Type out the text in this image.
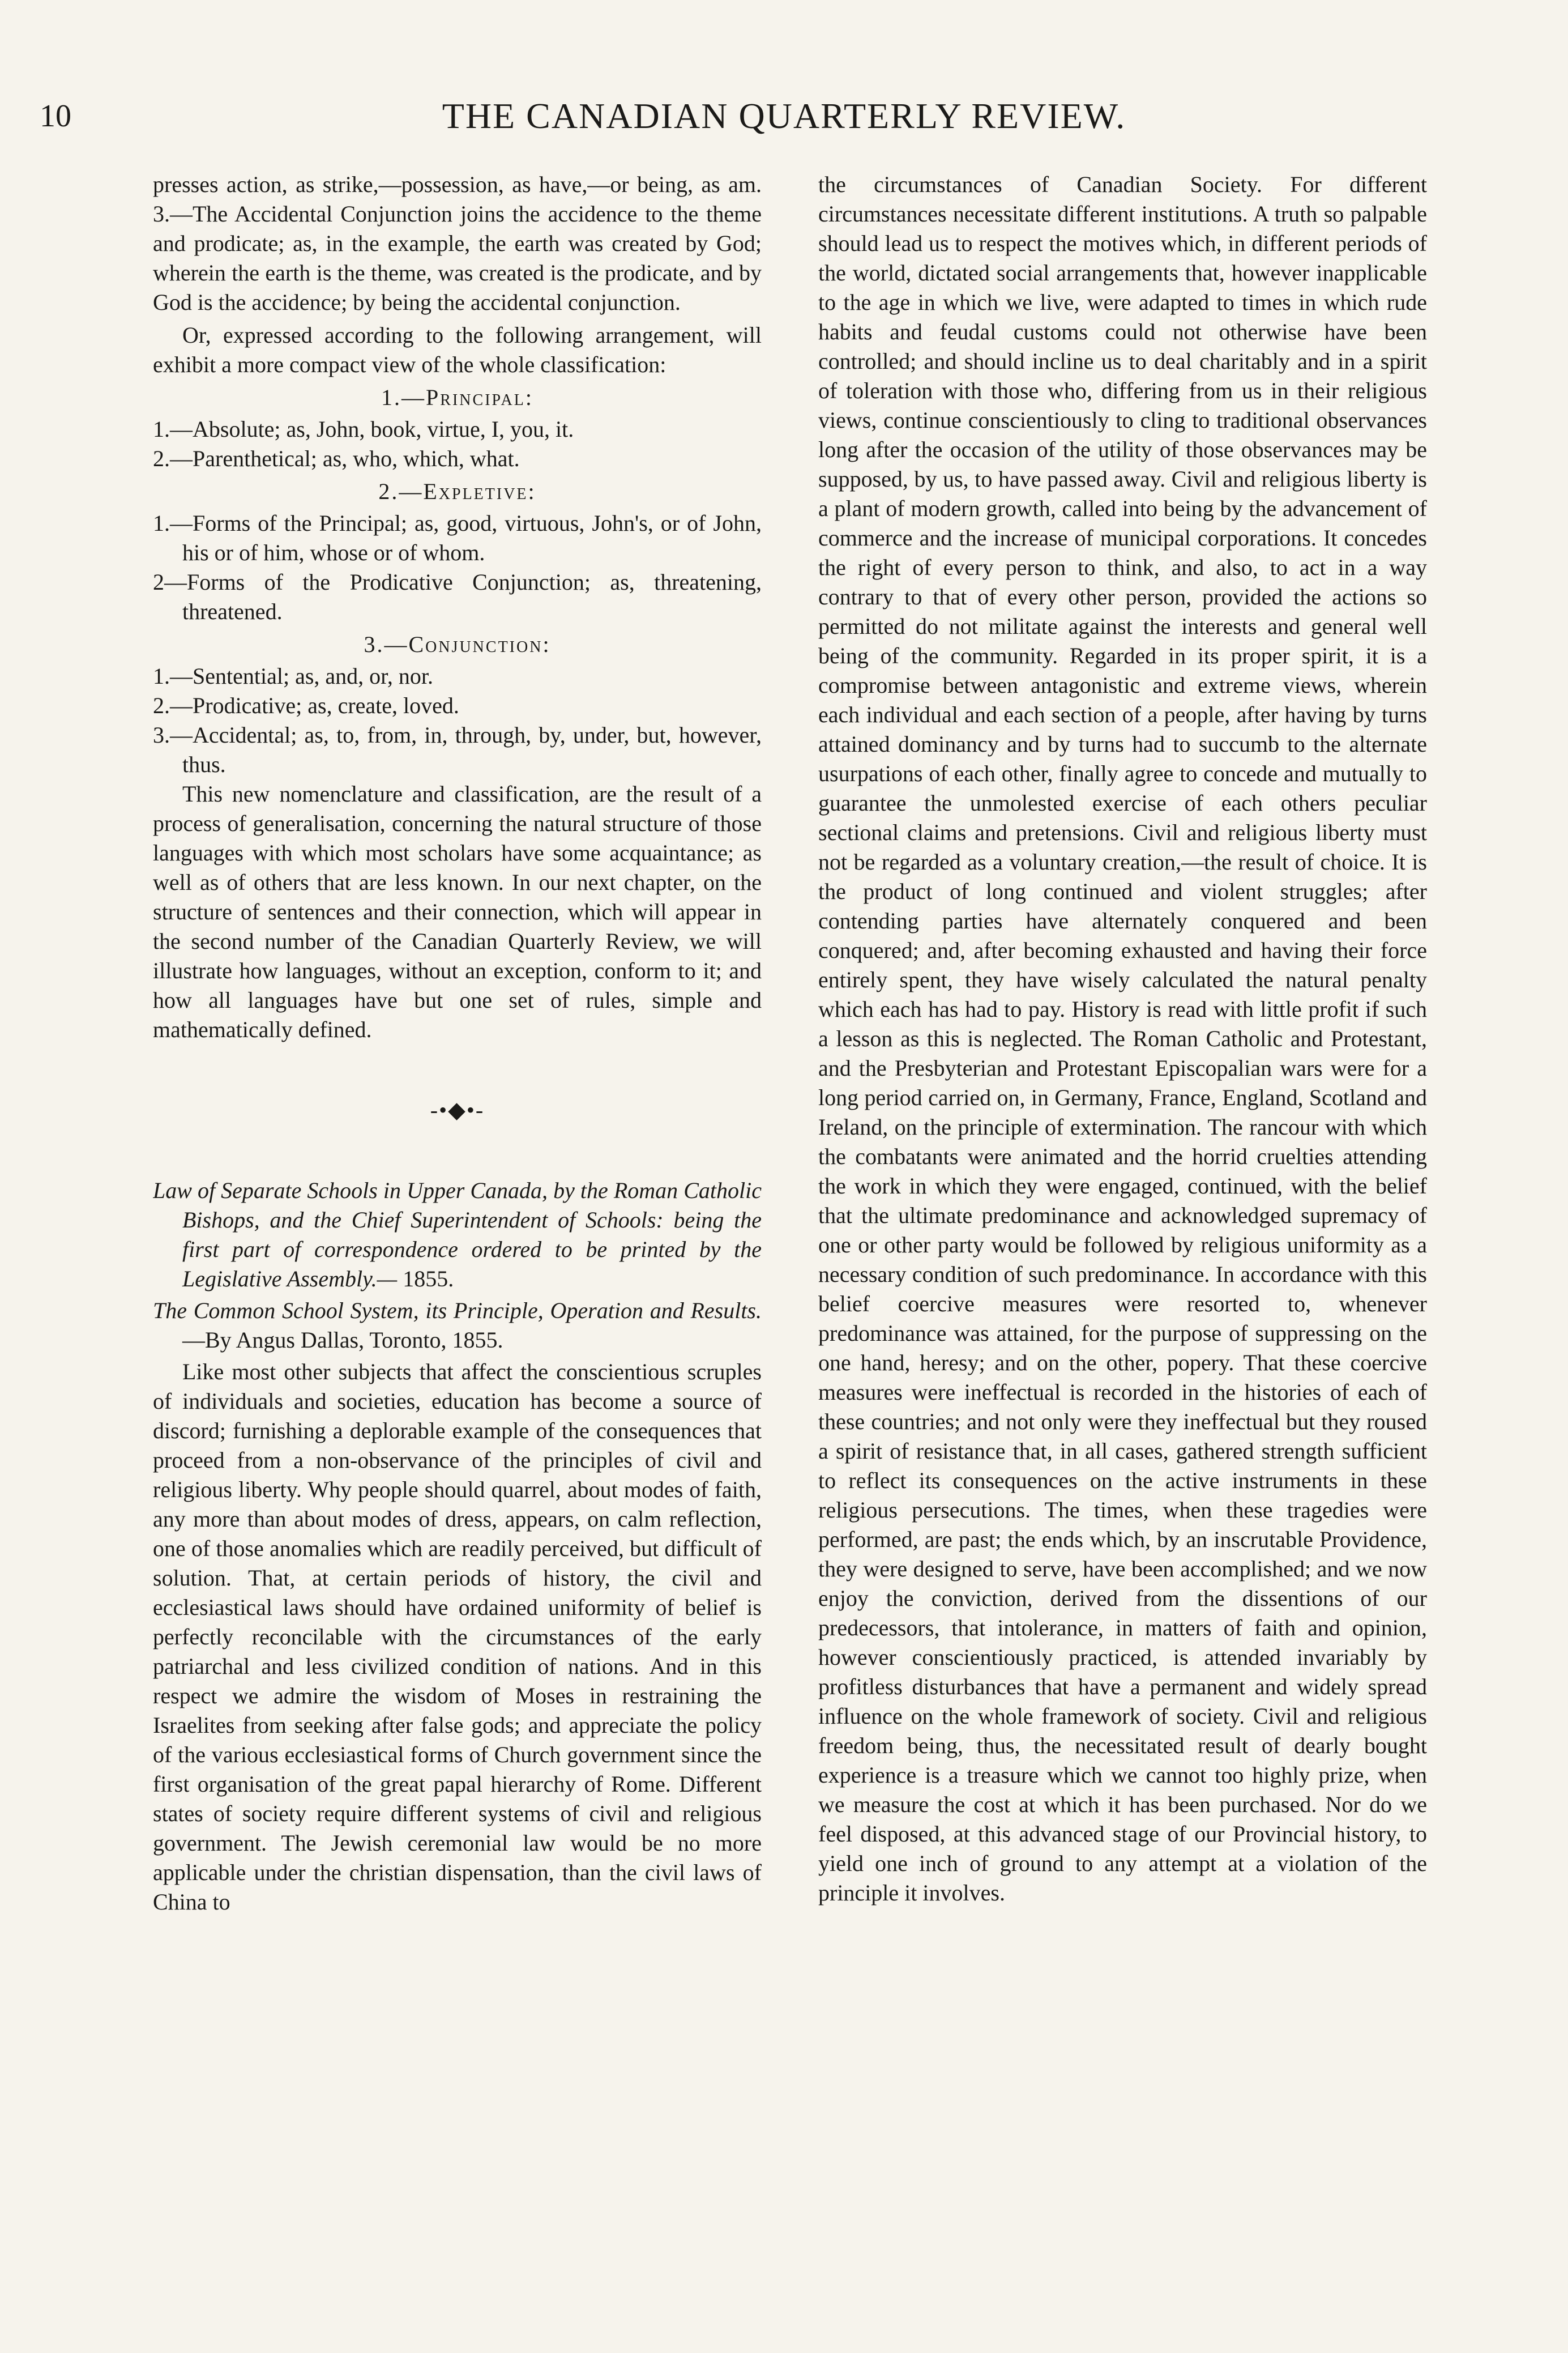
10	THE CANADIAN QUARTERLY REVIEW.

presses action, as strike,—possession, as have,—or being, as am. 3.—The Accidental Conjunction joins the accidence to the theme and prodicate; as, in the example, the earth was created by God; wherein the earth is the theme, was created is the prodicate, and by God is the accidence; by being the accidental conjunction.

Or, expressed according to the following arrangement, will exhibit a more compact view of the whole classification:

1.—Principal:

1.—Absolute; as, John, book, virtue, I, you, it.

2.—Parenthetical; as, who, which, what.

2.—Expletive:

1.—Forms of the Principal; as, good, virtuous, John's, or of John, his or of him, whose or of whom.

2—Forms of the Prodicative Conjunction; as, threatening, threatened.

3.—Conjunction:

1.—Sentential; as, and, or, nor.

2.—Prodicative; as, create, loved.

3.—Accidental; as, to, from, in, through, by, under, but, however, thus.

This new nomenclature and classification, are the result of a process of generalisation, concerning the natural structure of those languages with which most scholars have some acquaintance; as well as of others that are less known. In our next chapter, on the structure of sentences and their connection, which will appear in the second number of the Canadian Quarterly Review, we will illustrate how languages, without an exception, conform to it; and how all languages have but one set of rules, simple and mathematically defined.

-•◆•-

Law of Separate Schools in Upper Canada, by the Roman Catholic Bishops, and the Chief Superintendent of Schools: being the first part of correspondence ordered to be printed by the Legislative Assembly.— 1855.

The Common School System, its Principle, Operation and Results.—By Angus Dallas, Toronto, 1855.

Like most other subjects that affect the conscientious scruples of individuals and societies, education has become a source of discord; furnishing a deplorable example of the consequences that proceed from a non-observance of the principles of civil and religious liberty. Why people should quarrel, about modes of faith, any more than about modes of dress, appears, on calm reflection, one of those anomalies which are readily perceived, but difficult of solution. That, at certain periods of history, the civil and ecclesiastical laws should have ordained uniformity of belief is perfectly reconcilable with the circumstances of the early patriarchal and less civilized condition of nations. And in this respect we admire the wisdom of Moses in restraining the Israelites from seeking after false gods; and appreciate the policy of the various ecclesiastical forms of Church government since the first organisation of the great papal hierarchy of Rome. Different states of society require different systems of civil and religious government. The Jewish ceremonial law would be no more applicable under the christian dispensation, than the civil laws of China to

the circumstances of Canadian Society. For different circumstances necessitate different institutions. A truth so palpable should lead us to respect the motives which, in different periods of the world, dictated social arrangements that, however inapplicable to the age in which we live, were adapted to times in which rude habits and feudal customs could not otherwise have been controlled; and should incline us to deal charitably and in a spirit of toleration with those who, differing from us in their religious views, continue conscientiously to cling to traditional observances long after the occasion of the utility of those observances may be supposed, by us, to have passed away. Civil and religious liberty is a plant of modern growth, called into being by the advancement of commerce and the increase of municipal corporations. It concedes the right of every person to think, and also, to act in a way contrary to that of every other person, provided the actions so permitted do not militate against the interests and general well being of the community. Regarded in its proper spirit, it is a compromise between antagonistic and extreme views, wherein each individual and each section of a people, after having by turns attained dominancy and by turns had to succumb to the alternate usurpations of each other, finally agree to concede and mutually to guarantee the unmolested exercise of each others peculiar sectional claims and pretensions. Civil and religious liberty must not be regarded as a voluntary creation,—the result of choice. It is the product of long continued and violent struggles; after contending parties have alternately conquered and been conquered; and, after becoming exhausted and having their force entirely spent, they have wisely calculated the natural penalty which each has had to pay. History is read with little profit if such a lesson as this is neglected. The Roman Catholic and Protestant, and the Presbyterian and Protestant Episcopalian wars were for a long period carried on, in Germany, France, England, Scotland and Ireland, on the principle of extermination. The rancour with which the combatants were animated and the horrid cruelties attending the work in which they were engaged, continued, with the belief that the ultimate predominance and acknowledged supremacy of one or other party would be followed by religious uniformity as a necessary condition of such predominance. In accordance with this belief coercive measures were resorted to, whenever predominance was attained, for the purpose of suppressing on the one hand, heresy; and on the other, popery. That these coercive measures were ineffectual is recorded in the histories of each of these countries; and not only were they ineffectual but they roused a spirit of resistance that, in all cases, gathered strength sufficient to reflect its consequences on the active instruments in these religious persecutions. The times, when these tragedies were performed, are past; the ends which, by an inscrutable Providence, they were designed to serve, have been accomplished; and we now enjoy the conviction, derived from the dissentions of our predecessors, that intolerance, in matters of faith and opinion, however conscientiously practiced, is attended invariably by profitless disturbances that have a permanent and widely spread influence on the whole framework of society. Civil and religious freedom being, thus, the necessitated result of dearly bought experience is a treasure which we cannot too highly prize, when we measure the cost at which it has been purchased. Nor do we feel disposed, at this advanced stage of our Provincial history, to yield one inch of ground to any attempt at a violation of the principle it involves.
